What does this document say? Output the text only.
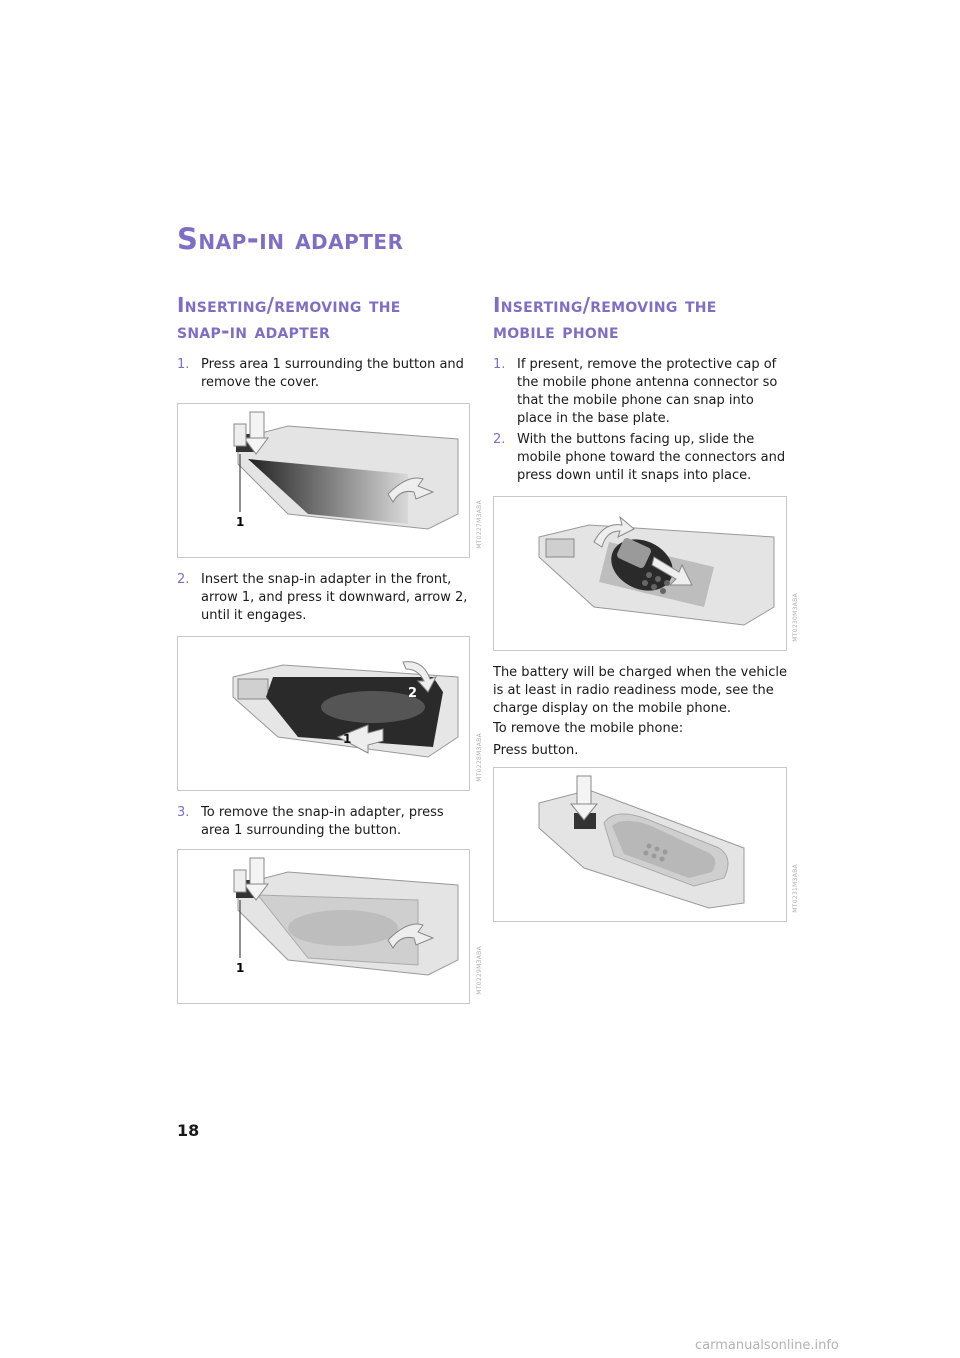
Snap-in adapter
Inserting/removing the
snap-in adapter
1. Press area 1 surrounding the button and remove the cover.
1	MT0227M3ABA
2. Insert the snap-in adapter in the front, arrow 1, and press it downward, arrow 2, until it engages.
2
1	MT0228M3ABA
3. To remove the snap-in adapter, press area 1 surrounding the button.
1	MT0229M3ABA
Inserting/removing the
mobile phone
1. If present, remove the protective cap of the mobile phone antenna connector so that the mobile phone can snap into place in the base plate.
2. With the buttons facing up, slide the mobile phone toward the connectors and press down until it snaps into place.
MT0230M3ABA

The battery will be charged when the vehicle is at least in radio readiness mode, see the charge display on the mobile phone.

To remove the mobile phone:

Press button.

MT0231M3ABA
18
carmanualsonline.info
